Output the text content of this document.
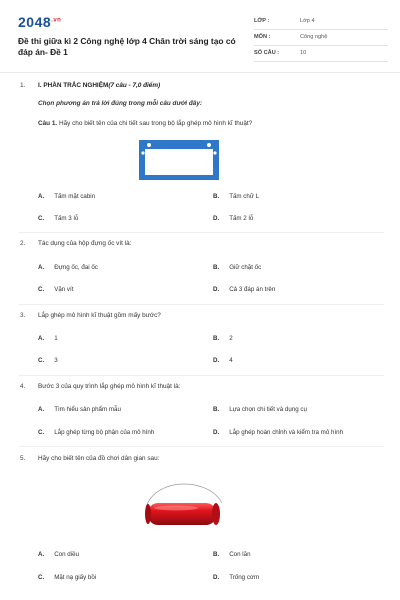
$2048^{.vn}$
Đề thi giữa kì 2 Công nghệ lớp 4 Chân trời sáng tạo có đáp án- Đề 1
LỚP :	Lớp 4
MÔN :	Công nghệ
SỐ CÂU :	10
1. I. PHẦN TRẮC NGHIỆM(7 câu - 7,0 điểm)
Chọn phương án trả lời đúng trong mỗi câu dưới đây:
Câu 1. Hãy cho biết tên của chi tiết sau trong bộ lắp ghép mô hình kĩ thuật?
A. Tấm mặt cabin	B. Tấm chữ L
C. Tấm 3 lỗ	D. Tấm 2 lỗ
2. Tác dụng của hộp đựng ốc vít là:
A. Đựng ốc, đai ốc	B. Giữ chặt ốc
C. Vặn vít	D. Cả 3 đáp án trên
3. Lắp ghép mô hình kĩ thuật gồm mấy bước?
A. 1	B. 2
C. 3	D. 4
4. Bước 3 của quy trình lắp ghép mô hình kĩ thuật là:
A. Tìm hiểu sản phẩm mẫu	B. Lựa chọn chi tiết và dụng cụ
C. Lắp ghép từng bộ phận của mô hình	D. Lắp ghép hoàn chỉnh và kiểm tra mô hình
5. Hãy cho biết tên của đồ chơi dân gian sau:
A. Con diều	B. Con lăn
C. Mặt nạ giấy bồi	D. Trống cơm
